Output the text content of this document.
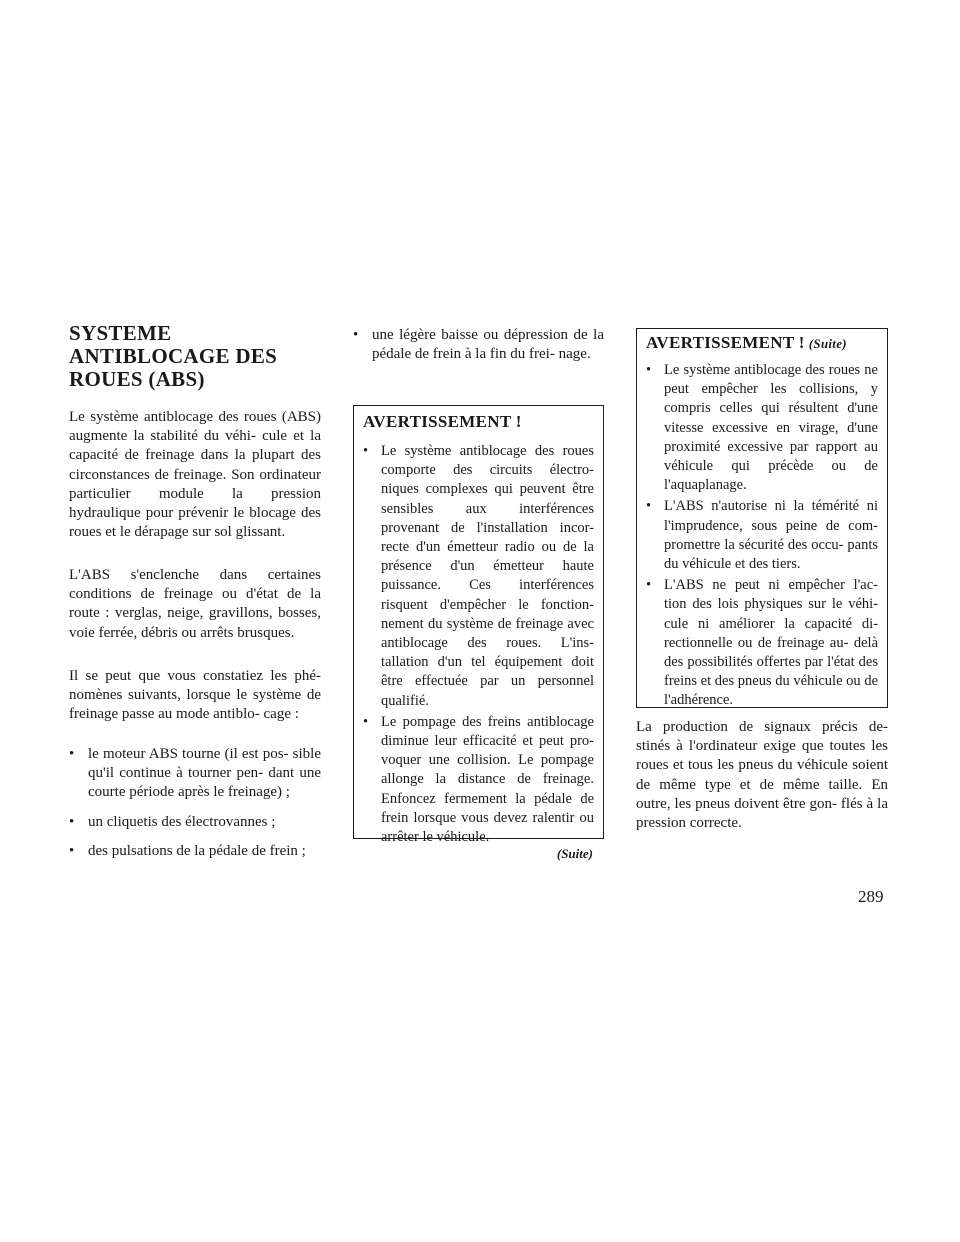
SYSTEME ANTIBLOCAGE DES ROUES (ABS)

Le système antiblocage des roues (ABS) augmente la stabilité du véhi- cule et la capacité de freinage dans la plupart des circonstances de freinage. Son ordinateur particulier module la pression hydraulique pour prévenir le blocage des roues et le dérapage sur sol glissant.

L'ABS s'enclenche dans certaines conditions de freinage ou d'état de la route : verglas, neige, gravillons, bosses, voie ferrée, débris ou arrêts brusques.

Il se peut que vous constatiez les phé- nomènes suivants, lorsque le système de freinage passe au mode antiblo- cage :

• le moteur ABS tourne (il est pos- sible qu'il continue à tourner pen- dant une courte période après le freinage) ;
• un cliquetis des électrovannes ;
• des pulsations de la pédale de frein ;
• une légère baisse ou dépression de la pédale de frein à la fin du frei- nage.
AVERTISSEMENT !
• Le système antiblocage des roues comporte des circuits électro- niques complexes qui peuvent être sensibles aux interférences provenant de l'installation incor- recte d'un émetteur radio ou de la présence d'un émetteur haute puissance. Ces interférences risquent d'empêcher le fonction- nement du système de freinage avec antiblocage des roues. L'ins- tallation d'un tel équipement doit être effectuée par un personnel qualifié.
• Le pompage des freins antiblocage diminue leur efficacité et peut pro- voquer une collision. Le pompage allonge la distance de freinage. Enfoncez fermement la pédale de frein lorsque vous devez ralentir ou arrêter le véhicule.
(Suite)
AVERTISSEMENT ! (Suite)
• Le système antiblocage des roues ne peut empêcher les collisions, y compris celles qui résultent d'une vitesse excessive en virage, d'une proximité excessive par rapport au véhicule qui précède ou de l'aquaplanage.
• L'ABS n'autorise ni la témérité ni l'imprudence, sous peine de com- promettre la sécurité des occu- pants du véhicule et des tiers.
• L'ABS ne peut ni empêcher l'ac- tion des lois physiques sur le véhi- cule ni améliorer la capacité di- rectionnelle ou de freinage au- delà des possibilités offertes par l'état des freins et des pneus du véhicule ou de l'adhérence.

La production de signaux précis de- stinés à l'ordinateur exige que toutes les roues et tous les pneus du véhicule soient de même type et de même taille. En outre, les pneus doivent être gon- flés à la pression correcte.

289
